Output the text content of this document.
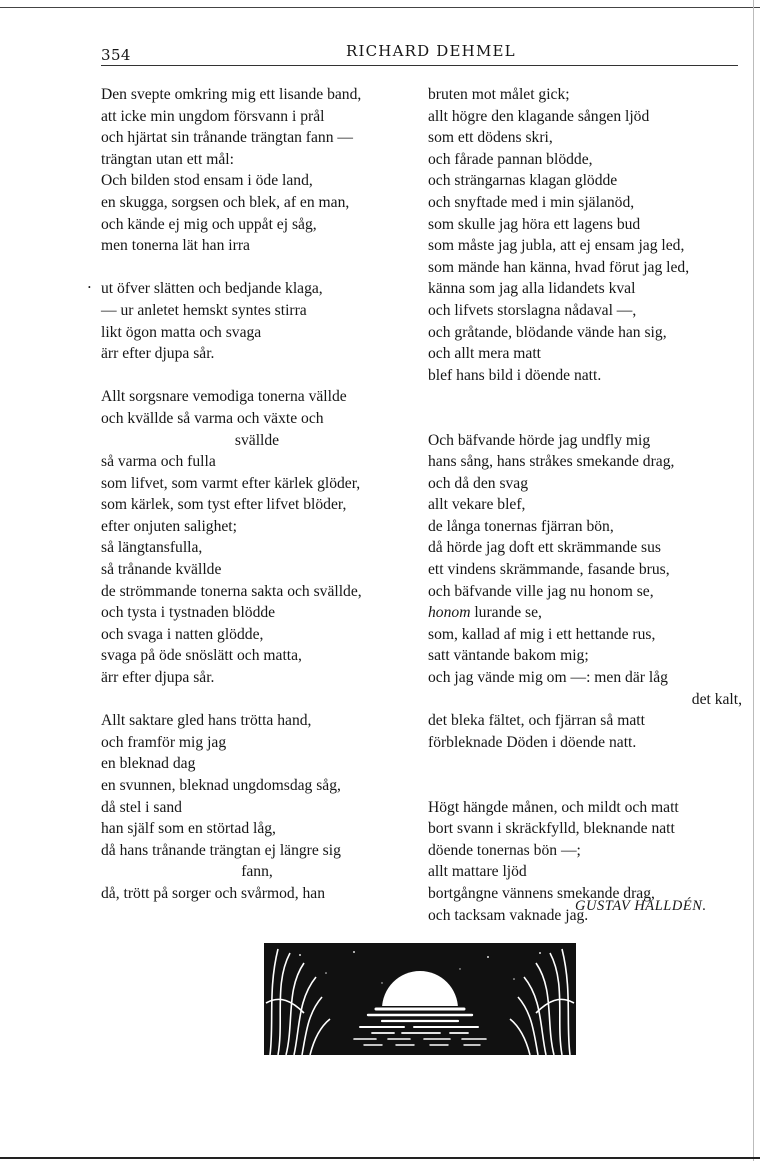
354	RICHARD DEHMEL
·
Den svepte omkring mig ett lisande band,
att icke min ungdom försvann i prål
och hjärtat sin trånande trängtan fann —
trängtan utan ett mål:
Och bilden stod ensam i öde land,
en skugga, sorgsen och blek, af en man,
och kände ej mig och uppåt ej såg,
men tonerna lät han irra
ut öfver slätten och bedjande klaga,
— ur anletet hemskt syntes stirra
likt ögon matta och svaga
ärr efter djupa sår.
Allt sorgsnare vemodiga tonerna vällde
och kvällde så varma och växte och
svällde
så varma och fulla
som lifvet, som varmt efter kärlek glöder,
som kärlek, som tyst efter lifvet blöder,
efter onjuten salighet;
så längtansfulla,
så trånande kvällde
de strömmande tonerna sakta och svällde,
och tysta i tystnaden blödde
och svaga i natten glödde,
svaga på öde snöslätt och matta,
ärr efter djupa sår.
Allt saktare gled hans trötta hand,
och framför mig jag
en bleknad dag
en svunnen, bleknad ungdomsdag såg,
då stel i sand
han själf som en störtad låg,
då hans trånande trängtan ej längre sig
fann,
då, trött på sorger och svårmod, han
bruten mot målet gick;
allt högre den klagande sången ljöd
som ett dödens skri,
och fårade pannan blödde,
och strängarnas klagan glödde
och snyftade med i min själanöd,
som skulle jag höra ett lagens bud
som måste jag jubla, att ej ensam jag led,
som mände han känna, hvad förut jag led,
känna som jag alla lidandets kval
och lifvets storslagna nådaval —,
och gråtande, blödande vände han sig,
och allt mera matt
blef hans bild i döende natt.
Och bäfvande hörde jag undfly mig
hans sång, hans stråkes smekande drag,
och då den svag
allt vekare blef,
de långa tonernas fjärran bön,
då hörde jag doft ett skrämmande sus
ett vindens skrämmande, fasande brus,
och bäfvande ville jag nu honom se,
honom lurande se,
som, kallad af mig i ett hettande rus,
satt väntande bakom mig;
och jag vände mig om —: men där låg
det kalt,
det bleka fältet, och fjärran så matt
förbleknade Döden i döende natt.
Högt hängde månen, och mildt och matt
bort svann i skräckfylld, bleknande natt
döende tonernas bön —;
allt mattare ljöd
bortgångne vännens smekande drag,
och tacksam vaknade jag.
GUSTAV HALLDÉN.
